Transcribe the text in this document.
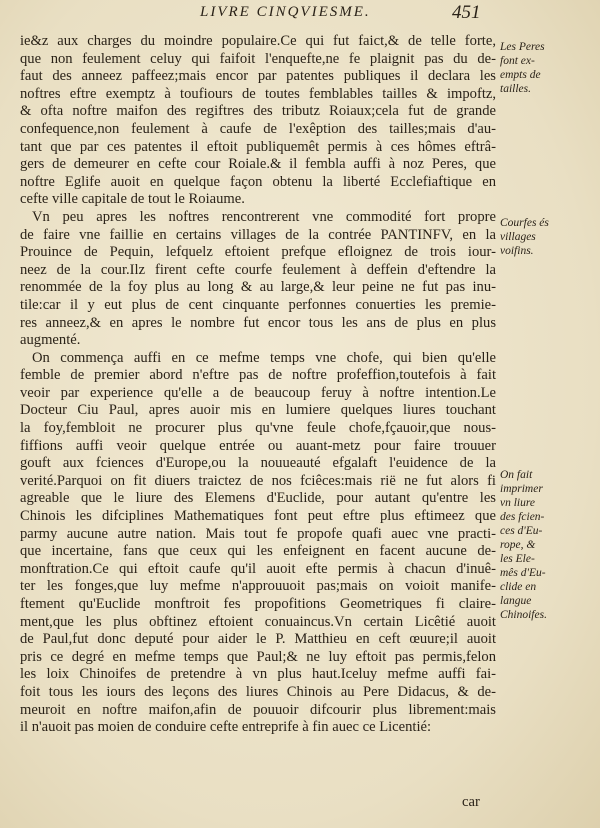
LIVRE CINQVIESME.	451
ie&z aux charges du moindre populaire.Ce qui fut faict,& de telle forte,
que non feulement celuy qui faifoit l'enquefte,ne fe plaignit pas du de-
faut des anneez paffeez;mais encor par patentes publiques il declara les
noftres eftre exemptz à toufiours de toutes femblables tailles & impoftz,
& ofta noftre maifon des regiftres des tributz Roiaux;cela fut de grande
confequence,non feulement à caufe de l'exêption des tailles;mais d'au-
tant que par ces patentes il eftoit publiquemêt permis à ces hômes eftrâ-
gers de demeurer en cefte cour Roiale.& il fembla auffi à noz Peres, que
noftre Eglife auoit en quelque façon obtenu la liberté Ecclefiaftique en
cefte ville capitale de tout le Roiaume.
Vn peu apres les noftres rencontrerent vne commodité fort propre
de faire vne faillie en certains villages de la contrée PANTINFV, en la
Prouince de Pequin, lefquelz eftoient prefque efloignez de trois iour-
neez de la cour.Ilz firent cefte courfe feulement à deffein d'eftendre la
renommée de la foy plus au long & au large,& leur peine ne fut pas inu-
tile:car il y eut plus de cent cinquante perfonnes conuerties les premie-
res anneez,& en apres le nombre fut encor tous les ans de plus en plus
augmenté.
On commença auffi en ce mefme temps vne chofe, qui bien qu'elle
femble de premier abord n'eftre pas de noftre profeffion,toutefois à fait
veoir par experience qu'elle a de beaucoup feruy à noftre intention.Le
Docteur Ciu Paul, apres auoir mis en lumiere quelques liures touchant
la foy,fembloit ne procurer plus qu'vne feule chofe,fçauoir,que nous-
fiffions auffi veoir quelque entrée ou auant-metz pour faire trouuer
gouft aux fciences d'Europe,ou la nouueauté efgalaft l'euidence de la
verité.Parquoi on fit diuers traictez de nos fciêces:mais rië ne fut alors fi
agreable que le liure des Elemens d'Euclide, pour autant qu'entre les
Chinois les difciplines Mathematiques font peut eftre plus eftimeez que
parmy aucune autre nation. Mais tout fe propofe quafi auec vne practi-
que incertaine, fans que ceux qui les enfeignent en facent aucune de-
monftration.Ce qui eftoit caufe qu'il auoit efte permis à chacun d'inuê-
ter les fonges,que luy mefme n'approuuoit pas;mais on voioit manife-
ftement qu'Euclide monftroit fes propofitions Geometriques fi claire-
ment,que les plus obftinez eftoient conuaincus.Vn certain Licêtié auoit
de Paul,fut donc deputé pour aider le P. Matthieu en ceft œuure;il auoit
pris ce degré en mefme temps que Paul;& ne luy eftoit pas permis,felon
les loix Chinoifes de pretendre à vn plus haut.Iceluy mefme auffi fai-
foit tous les iours des leçons des liures Chinois au Pere Didacus, & de-
meuroit en noftre maifon,afin de pouuoir difcourir plus librement:mais
il n'auoit pas moien de conduire cefte entreprife à fin auec ce Licentié:
Les Peres
font ex-
empts de
tailles.
Courfes és
villages
voifins.
On fait
imprimer
vn liure
des fcien-
ces d'Eu-
rope, &
les Ele-
mês d'Eu-
clide en
langue
Chinoifes.
car
